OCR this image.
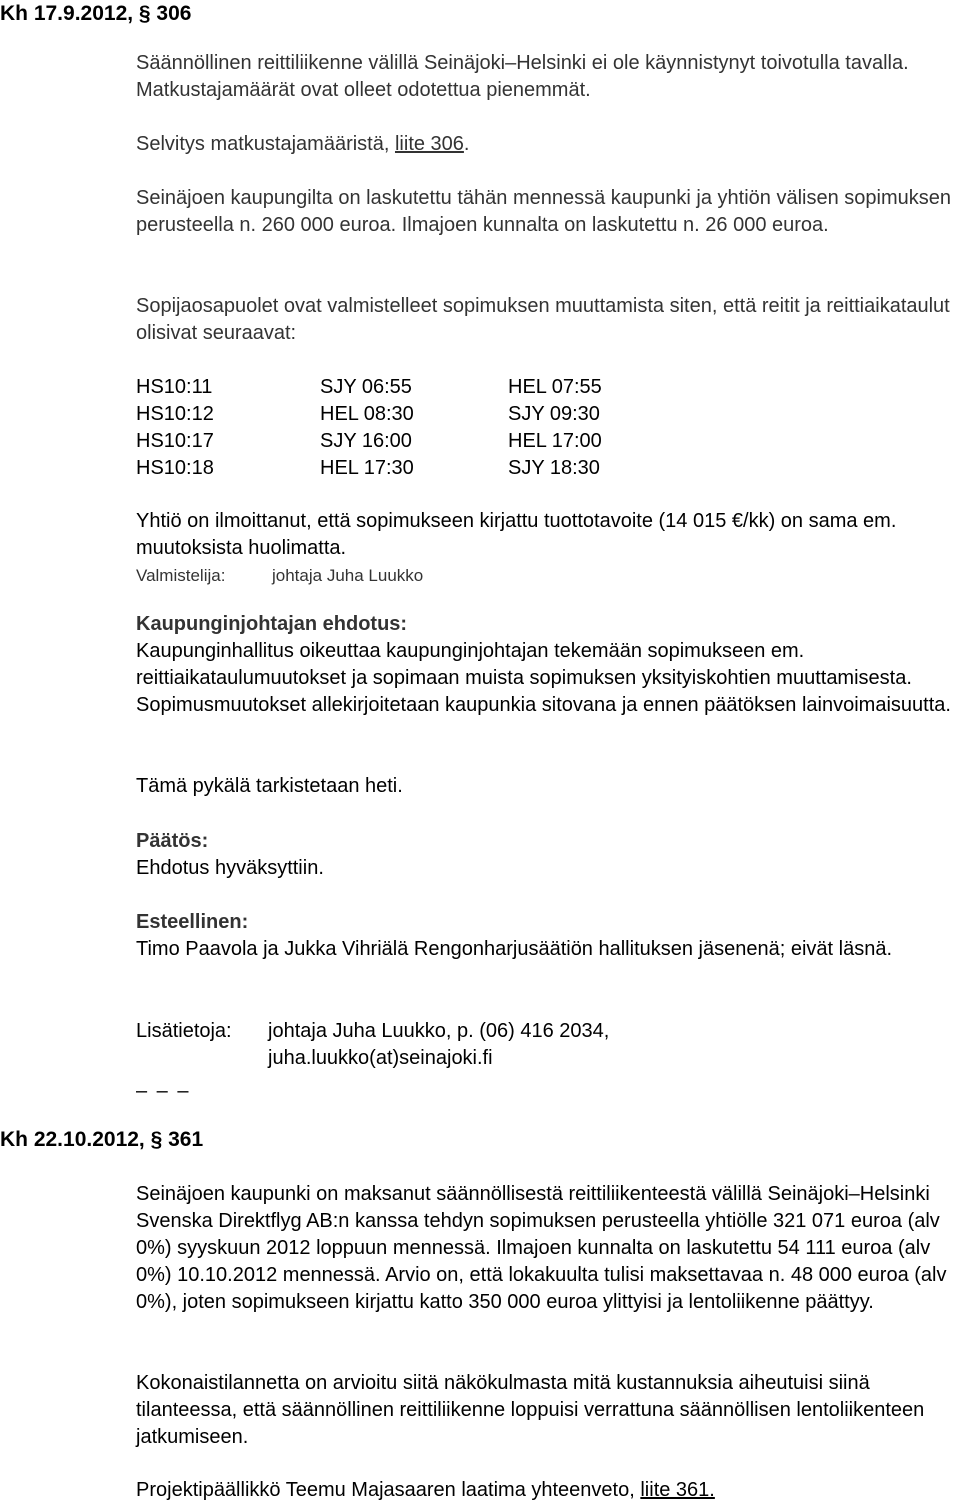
Kh 17.9.2012, § 306

Säännöllinen reittiliikenne välillä Seinäjoki–Helsinki ei ole käynnistynyt toivotulla tavalla. Matkustajamäärät ovat olleet odotettua pienemmät.

Selvitys matkustajamääristä, liite 306.

Seinäjoen kaupungilta on laskutettu tähän mennessä kaupunki ja yhtiön välisen sopimuksen perusteella n. 260 000 euroa. Ilmajoen kunnalta on laskutettu n. 26 000 euroa.

Sopijaosapuolet ovat valmistelleet sopimuksen muuttamista siten, että reitit ja reittiaikataulut olisivat seuraavat:

HS10:11	SJY 06:55	HEL 07:55
HS10:12	HEL 08:30	SJY 09:30
HS10:17	SJY 16:00	HEL 17:00
HS10:18	HEL 17:30	SJY 18:30

Yhtiö on ilmoittanut, että sopimukseen kirjattu tuottotavoite (14 015 €/kk) on sama em. muutoksista huolimatta.

Valmistelija:	johtaja Juha Luukko
Kaupunginjohtajan ehdotus:

Kaupunginhallitus oikeuttaa kaupunginjohtajan tekemään sopimukseen em. reittiaikataulumuutokset ja sopimaan muista sopimuksen yksityiskohtien muuttamisesta. Sopimusmuutokset allekirjoitetaan kaupunkia sitovana ja ennen päätöksen lainvoimaisuutta.

Tämä pykälä tarkistetaan heti.
Päätös:
Ehdotus hyväksyttiin.
Esteellinen:

Timo Paavola ja Jukka Vihriälä Rengonharjusäätiön hallituksen jäsenenä; eivät läsnä.

Lisätietoja: johtaja Juha Luukko, p. (06) 416 2034,
juha.luukko(at)seinajoki.fi
– – –
Kh 22.10.2012, § 361

Seinäjoen kaupunki on maksanut säännöllisestä reittiliikenteestä välillä Seinäjoki–Helsinki Svenska Direktflyg AB:n kanssa tehdyn sopimuksen perusteella yhtiölle 321 071 euroa (alv 0%) syyskuun 2012 loppuun mennessä. Ilmajoen kunnalta on laskutettu 54 111 euroa (alv 0%) 10.10.2012 mennessä. Arvio on, että lokakuulta tulisi maksettavaa n. 48 000 euroa (alv 0%), joten sopimukseen kirjattu katto 350 000 euroa ylittyisi ja lentoliikenne päättyy.

Kokonaistilannetta on arvioitu siitä näkökulmasta mitä kustannuksia aiheutuisi siinä tilanteessa, että säännöllinen reittiliikenne loppuisi verrattuna säännöllisen lentoliikenteen jatkumiseen.

Projektipäällikkö Teemu Majasaaren laatima yhteenveto, liite 361.
